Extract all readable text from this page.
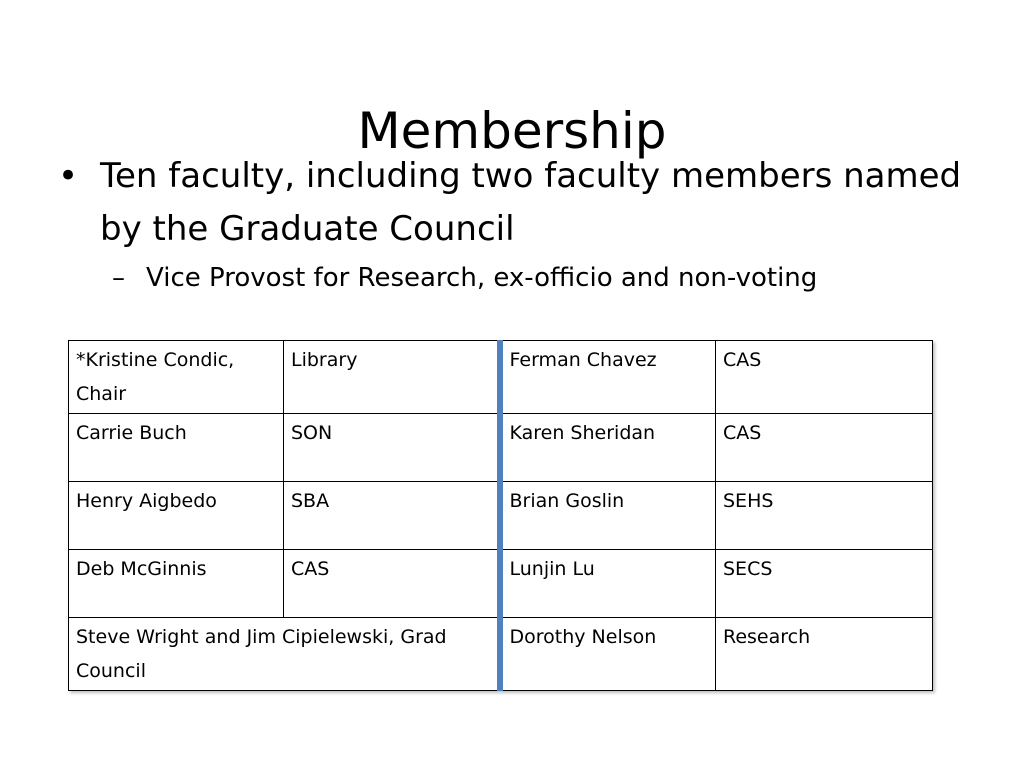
Membership
• Ten faculty, including two faculty members named by the Graduate Council
– Vice Provost for Research, ex-officio and non-voting
*Kristine Condic, Chair	Library	Ferman Chavez	CAS
Carrie Buch	SON	Karen Sheridan	CAS
Henry Aigbedo	SBA	Brian Goslin	SEHS
Deb McGinnis	CAS	Lunjin Lu	SECS
Steve Wright and Jim Cipielewski, Grad Council		Dorothy Nelson	Research
